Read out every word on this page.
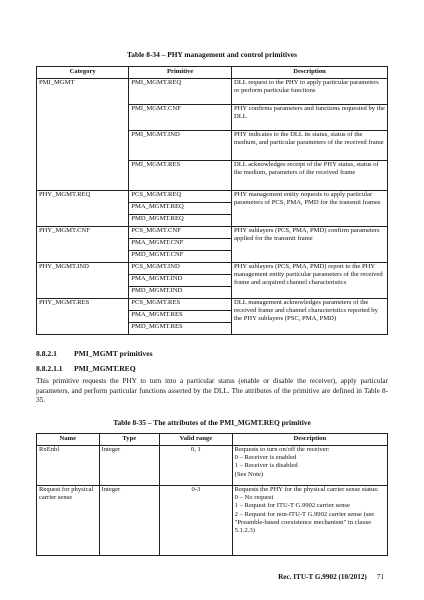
Table 8-34 – PHY management and control primitives
Category	Primitive	Description
PMI_MGMT	PMI_MGMT.REQ	DLL request to the PHY to apply particular parameters or perform particular functions
	PMI_MGMT.CNF	PHY confirms parameters and functions requested by the DLL
	PMI_MGMT.IND	PHY indicates to the DLL its status, status of the medium, and particular parameters of the received frame
	PMI_MGMT.RES	DLL acknowledges receipt of the PHY status, status of the medium, parameters of the received frame
PHY_MGMT.REQ	PCS_MGMT.REQ	PHY management entity requests to apply particular parameters of PCS, PMA, PMD for the transmit frames
	PMA_MGMT.REQ	
	PMD_MGMT.REQ	
PHY_MGMT.CNF	PCS_MGMT.CNF	PHY sublayers (PCS, PMA, PMD) confirm parameters applied for the transmit frame
	PMA_MGMT.CNF	
	PMD_MGMT.CNF	
PHY_MGMT.IND	PCS_MGMT.IND	PHY sublayers (PCS, PMA, PMD) report to the PHY management entity particular parameters of the received frame and acquired channel characteristics
	PMA_MGMT.IND	
	PMD_MGMT.IND	
PHY_MGMT.RES	PCS_MGMT.RES	DLL management acknowledges parameters of the received frame and channel characteristics reported by the PHY sublayers (PSC, PMA, PMD)
	PMA_MGMT.RES	
	PMD_MGMT.RES	
8.8.2.1 PMI_MGMT primitives
8.8.2.1.1 PMI_MGMT.REQ
This primitive requests the PHY to turn into a particular status (enable or disable the receiver), apply particular parameters, and perform particular functions asserted by the DLL. The attributes of the primitive are defined in Table 8-35.
Table 8-35 – The attributes of the PMI_MGMT.REQ primitive
Name	Type	Valid range	Description
RxEnbl	Integer	0, 1	Requests to turn on/off the receiver:
0 – Receiver is enabled
1 – Receiver is disabled
(See Note)

Request for physical carrier sense	Integer	0-3	Requests the PHY for the physical carrier sense status:
0 – No request
1 – Request for ITU-T G.9902 carrier sense
2 – Request for non-ITU-T G.9902 carrier sense (see "Preamble-based coexistence mechanism" in clause 5.1.2.3)
Rec. ITU-T G.9902 (10/2012) 71
